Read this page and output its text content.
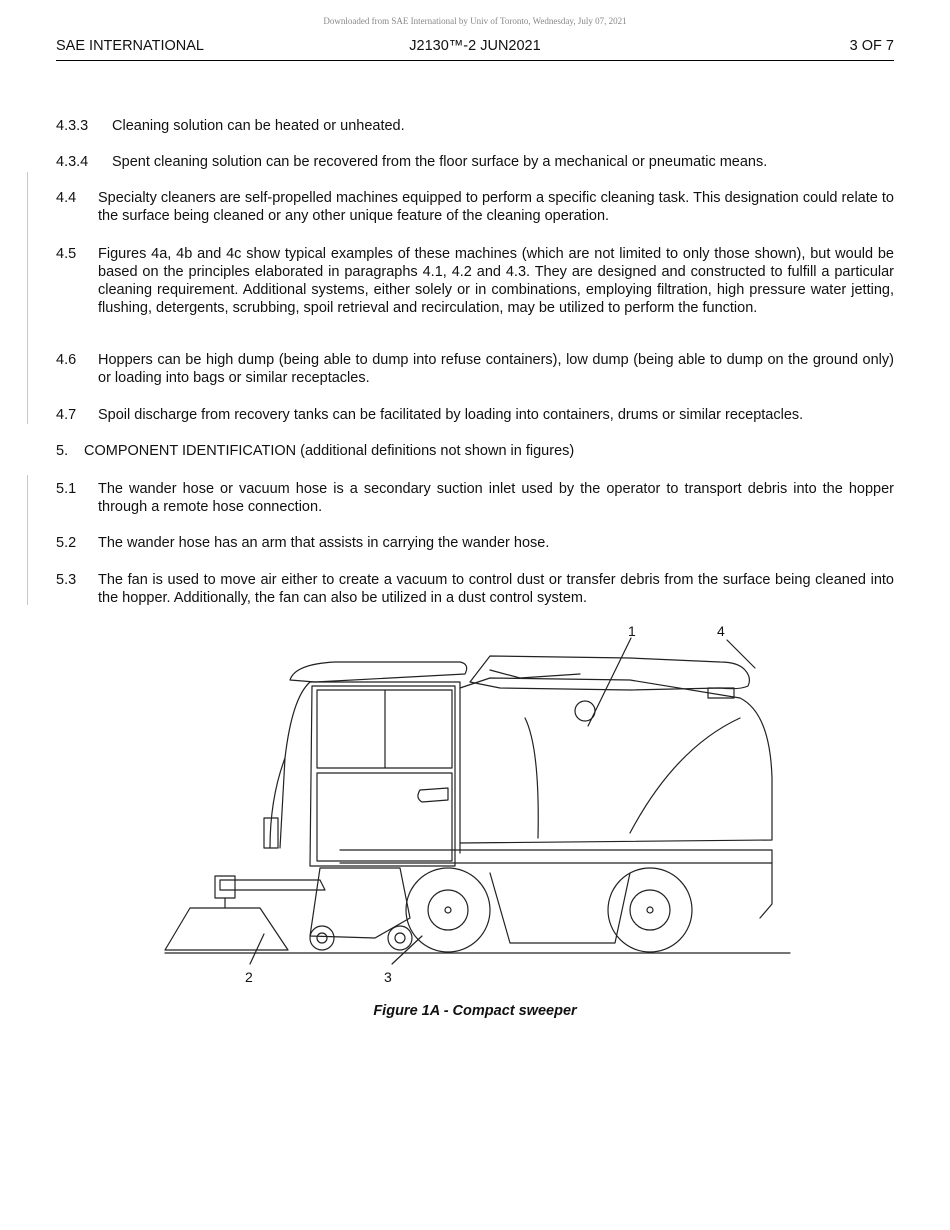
Downloaded from SAE International by Univ of Toronto, Wednesday, July 07, 2021
SAE INTERNATIONAL	J2130™-2 JUN2021	3 OF 7
4.3.3	Cleaning solution can be heated or unheated.
4.3.4	Spent cleaning solution can be recovered from the floor surface by a mechanical or pneumatic means.
4.4	Specialty cleaners are self-propelled machines equipped to perform a specific cleaning task. This designation could relate to the surface being cleaned or any other unique feature of the cleaning operation.
4.5	Figures 4a, 4b and 4c show typical examples of these machines (which are not limited to only those shown), but would be based on the principles elaborated in paragraphs 4.1, 4.2 and 4.3. They are designed and constructed to fulfill a particular cleaning requirement. Additional systems, either solely or in combinations, employing filtration, high pressure water jetting, flushing, detergents, scrubbing, spoil retrieval and recirculation, may be utilized to perform the function.
4.6	Hoppers can be high dump (being able to dump into refuse containers), low dump (being able to dump on the ground only) or loading into bags or similar receptacles.
4.7	Spoil discharge from recovery tanks can be facilitated by loading into containers, drums or similar receptacles.
5.	COMPONENT IDENTIFICATION (additional definitions not shown in figures)
5.1	The wander hose or vacuum hose is a secondary suction inlet used by the operator to transport debris into the hopper through a remote hose connection.
5.2	The wander hose has an arm that assists in carrying the wander hose.
5.3	The fan is used to move air either to create a vacuum to control dust or transfer debris from the surface being cleaned into the hopper. Additionally, the fan can also be utilized in a dust control system.
1
2	3
4
Figure 1A - Compact sweeper
